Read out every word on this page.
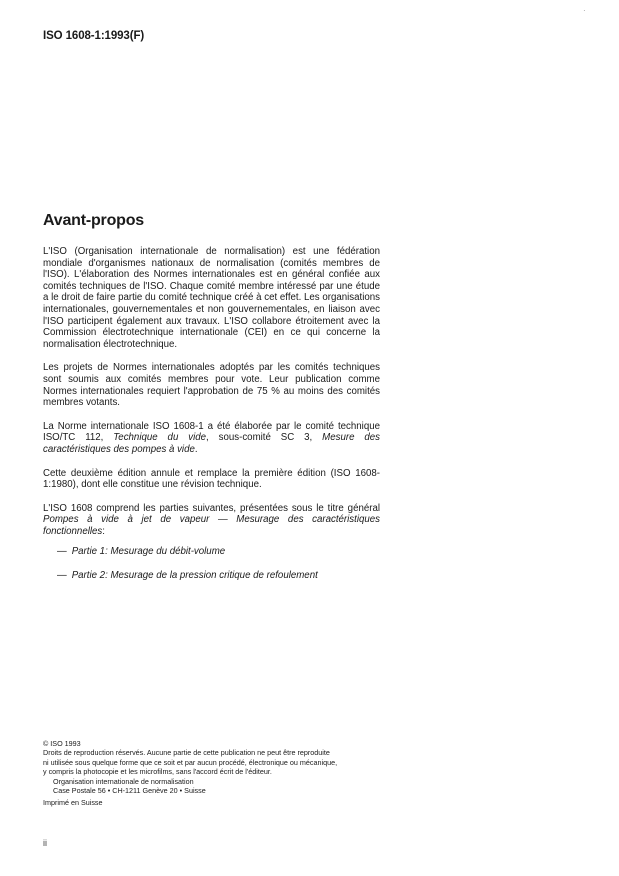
·
ISO 1608-1:1993(F)
Avant-propos

L'ISO (Organisation internationale de normalisation) est une fédération mondiale d'organismes nationaux de normalisation (comités membres de l'ISO). L'élaboration des Normes internationales est en général confiée aux comités techniques de l'ISO. Chaque comité membre intéressé par une étude a le droit de faire partie du comité technique créé à cet effet. Les organisations internationales, gouvernementales et non gouvernementales, en liaison avec l'ISO participent également aux travaux. L'ISO collabore étroitement avec la Commission électrotechnique internationale (CEI) en ce qui concerne la normalisation électrotechnique.

Les projets de Normes internationales adoptés par les comités techniques sont soumis aux comités membres pour vote. Leur publication comme Normes internationales requiert l'approbation de 75 % au moins des comités membres votants.

La Norme internationale ISO 1608-1 a été élaborée par le comité technique ISO/TC 112, Technique du vide, sous-comité SC 3, Mesure des caractéristiques des pompes à vide.

Cette deuxième édition annule et remplace la première édition (ISO 1608-1:1980), dont elle constitue une révision technique.

L'ISO 1608 comprend les parties suivantes, présentées sous le titre général Pompes à vide à jet de vapeur — Mesurage des caractéristiques fonctionnelles:

— Partie 1: Mesurage du débit-volume
— Partie 2: Mesurage de la pression critique de refoulement
© ISO 1993
Droits de reproduction réservés. Aucune partie de cette publication ne peut être reproduite
ni utilisée sous quelque forme que ce soit et par aucun procédé, électronique ou mécanique,
y compris la photocopie et les microfilms, sans l'accord écrit de l'éditeur.
Organisation internationale de normalisation
Case Postale 56 • CH-1211 Genève 20 • Suisse
Imprimé en Suisse
ii
